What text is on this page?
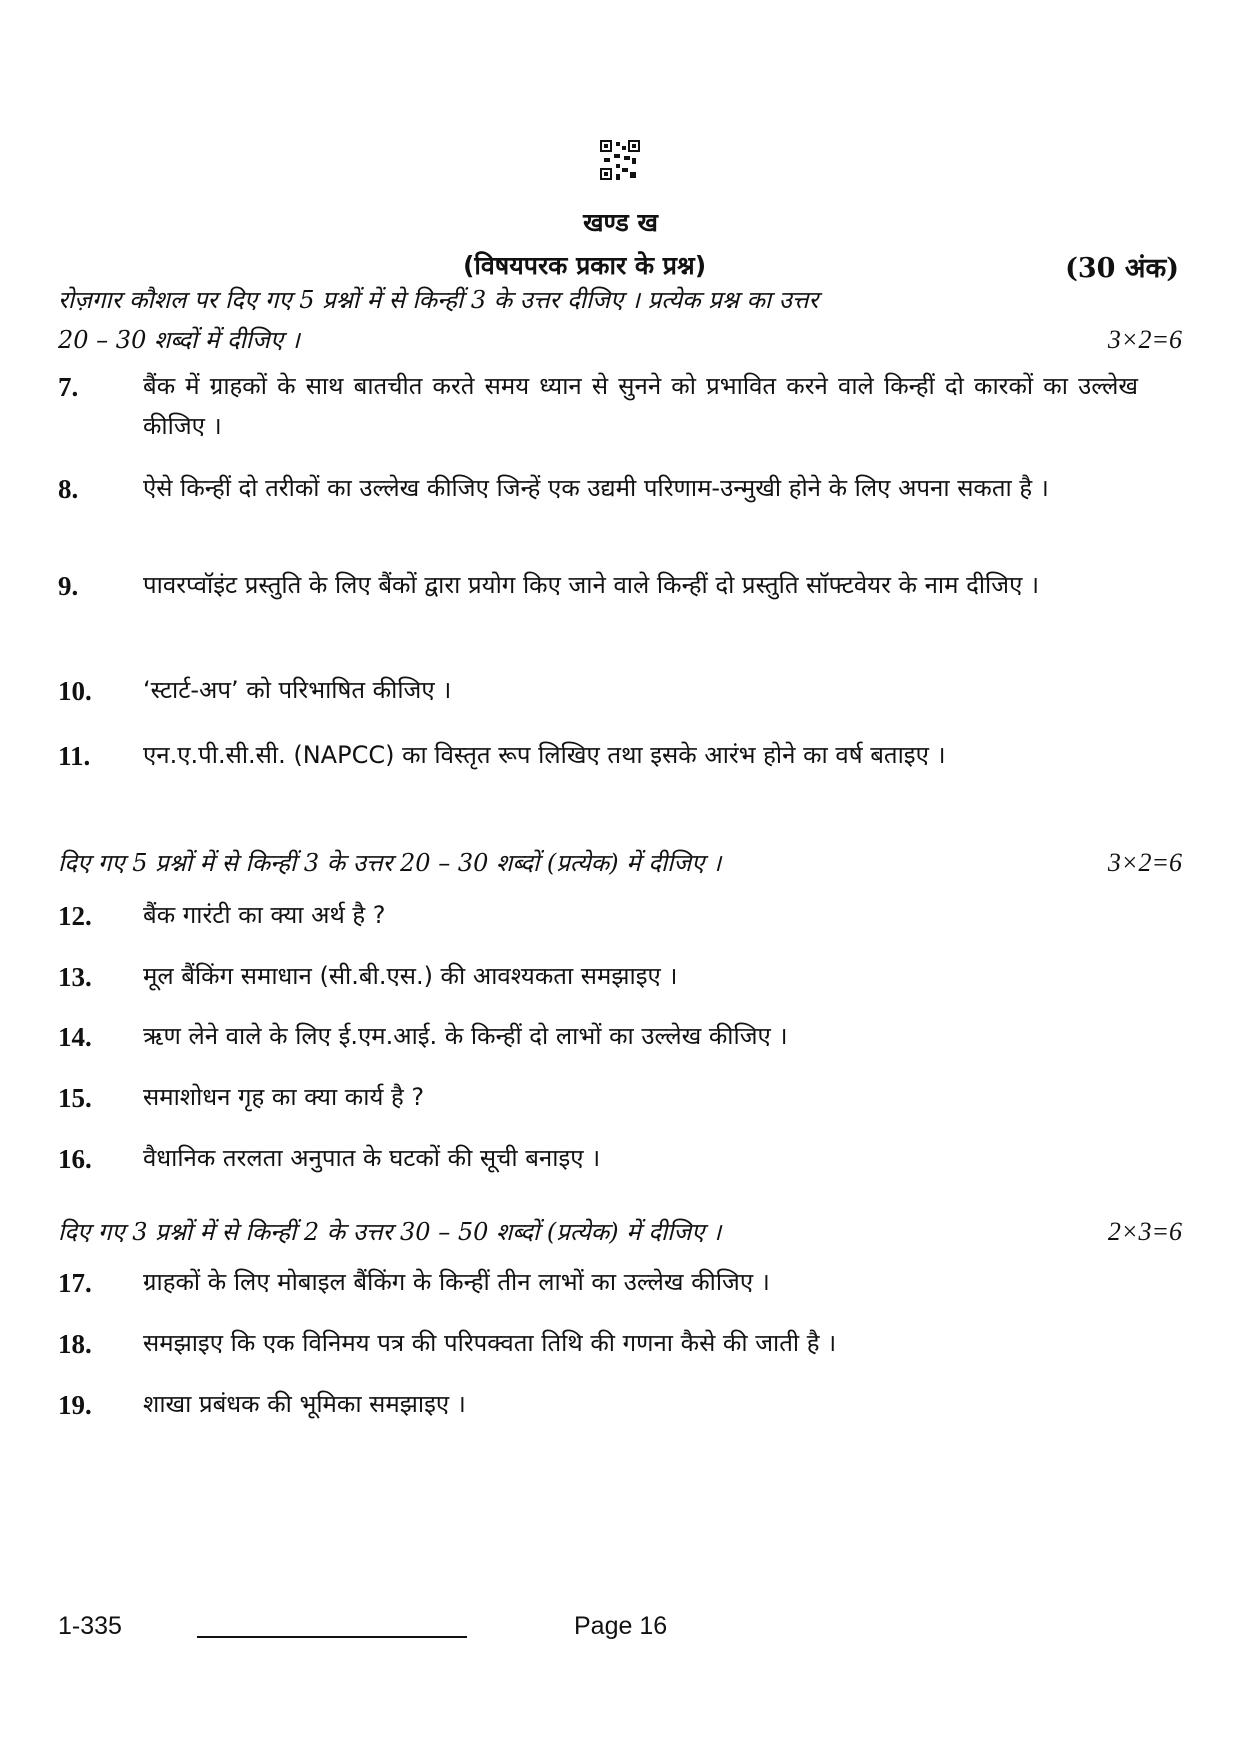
खण्ड ख
(विषयपरक प्रकार के प्रश्न)	(30 अंक)
रोज़गार कौशल पर दिए गए 5 प्रश्नों में से किन्हीं 3 के उत्तर दीजिए । प्रत्येक प्रश्न का उत्तर
20 – 30 शब्दों में दीजिए ।	3×2=6
7.	बैंक में ग्राहकों के साथ बातचीत करते समय ध्यान से सुनने को प्रभावित करने वाले किन्हीं दो कारकों का उल्लेख कीजिए ।
8.	ऐसे किन्हीं दो तरीकों का उल्लेख कीजिए जिन्हें एक उद्यमी परिणाम-उन्मुखी होने के लिए अपना सकता है ।
9.	पावरप्वॉइंट प्रस्तुति के लिए बैंकों द्वारा प्रयोग किए जाने वाले किन्हीं दो प्रस्तुति सॉफ्टवेयर के नाम दीजिए ।
10.	‘स्टार्ट-अप’ को परिभाषित कीजिए ।
11.	एन.ए.पी.सी.सी. (NAPCC) का विस्तृत रूप लिखिए तथा इसके आरंभ होने का वर्ष बताइए ।
दिए गए 5 प्रश्नों में से किन्हीं 3 के उत्तर 20 – 30 शब्दों (प्रत्येक) में दीजिए ।	3×2=6
12.	बैंक गारंटी का क्या अर्थ है ?
13.	मूल बैंकिंग समाधान (सी.बी.एस.) की आवश्यकता समझाइए ।
14.	ऋण लेने वाले के लिए ई.एम.आई. के किन्हीं दो लाभों का उल्लेख कीजिए ।
15.	समाशोधन गृह का क्या कार्य है ?
16.	वैधानिक तरलता अनुपात के घटकों की सूची बनाइए ।
दिए गए 3 प्रश्नों में से किन्हीं 2 के उत्तर 30 – 50 शब्दों (प्रत्येक) में दीजिए ।	2×3=6
17.	ग्राहकों के लिए मोबाइल बैंकिंग के किन्हीं तीन लाभों का उल्लेख कीजिए ।
18.	समझाइए कि एक विनिमय पत्र की परिपक्वता तिथि की गणना कैसे की जाती है ।
19.	शाखा प्रबंधक की भूमिका समझाइए ।
1-335	Page 16
